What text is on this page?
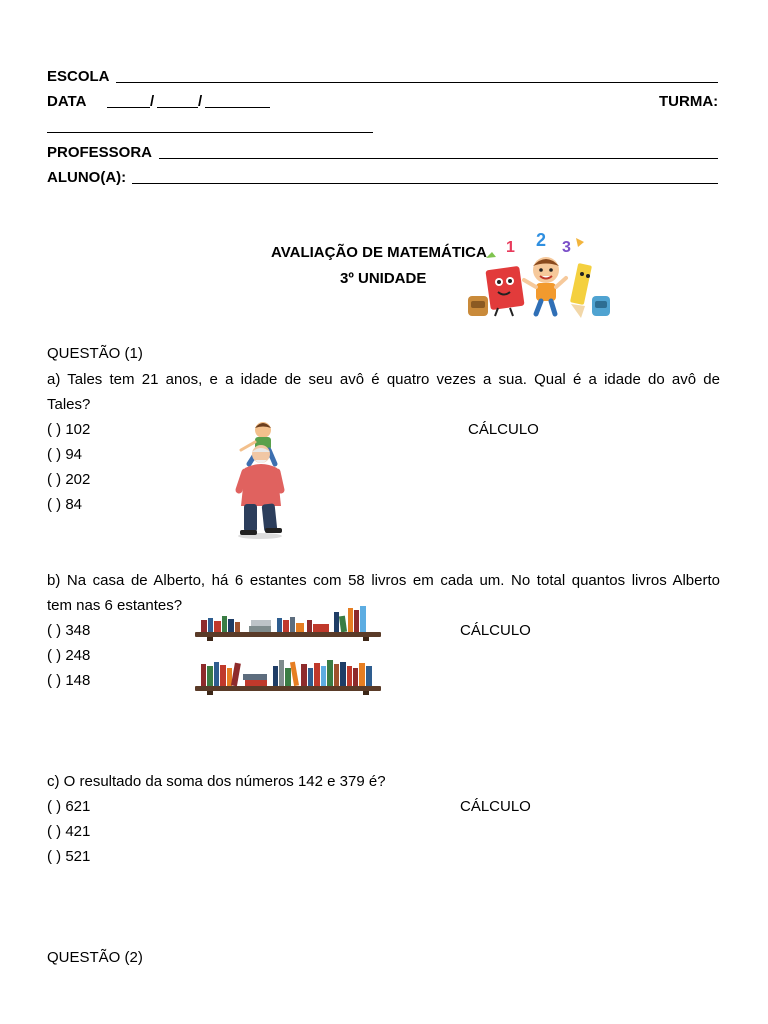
ESCOLA
DATA	/	/	TURMA:
PROFESSORA
ALUNO(A):
AVALIAÇÃO DE MATEMÁTICA
3º UNIDADE
1 2 3
QUESTÃO (1)
a) Tales tem 21 anos, e a idade de seu avô é quatro vezes a sua. Qual é a idade do avô de
Tales?
( ) 102
( ) 94
( ) 202
( ) 84
CÁLCULO
b) Na casa de Alberto, há 6 estantes com 58 livros em cada um. No total quantos livros Alberto
tem nas 6 estantes?
( ) 348
( ) 248
( ) 148
CÁLCULO
c) O resultado da soma dos números 142 e 379 é?
( ) 621
( ) 421
( ) 521
CÁLCULO
QUESTÃO (2)
